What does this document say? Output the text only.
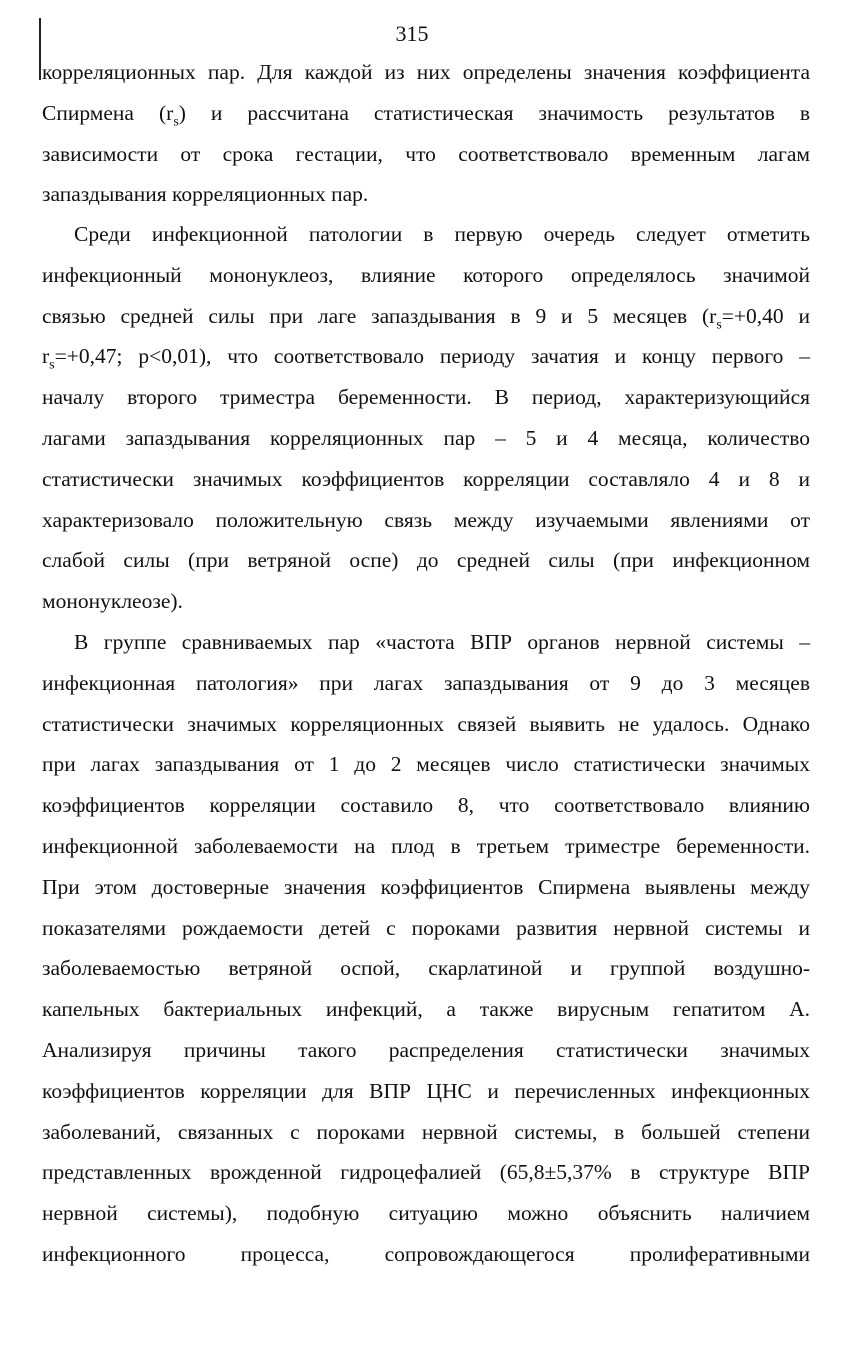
315
корреляционных пар. Для каждой из них определены значения коэффициента
Спирмена $(r_s)$ и рассчитана статистическая значимость результатов в
зависимости от срока гестации, что соответствовало временным лагам
запаздывания корреляционных пар.
Среди инфекционной патологии в первую очередь следует отметить
инфекционный мононуклеоз, влияние которого определялось значимой
связью средней силы при лаге запаздывания в 9 и 5 месяцев ($r_s=+0,40$ и
$r_s=+0,47$; p<0,01), что соответствовало периоду зачатия и концу первого –
началу второго триместра беременности. В период, характеризующийся
лагами запаздывания корреляционных пар – 5 и 4 месяца, количество
статистически значимых коэффициентов корреляции составляло 4 и 8 и
характеризовало положительную связь между изучаемыми явлениями от
слабой силы (при ветряной оспе) до средней силы (при инфекционном
мононуклеозе).
В группе сравниваемых пар «частота ВПР органов нервной системы –
инфекционная патология» при лагах запаздывания от 9 до 3 месяцев
статистически значимых корреляционных связей выявить не удалось. Однако
при лагах запаздывания от 1 до 2 месяцев число статистически значимых
коэффициентов корреляции составило 8, что соответствовало влиянию
инфекционной заболеваемости на плод в третьем триместре беременности.
При этом достоверные значения коэффициентов Спирмена выявлены между
показателями рождаемости детей с пороками развития нервной системы и
заболеваемостью ветряной оспой, скарлатиной и группой воздушно-
капельных бактериальных инфекций, а также вирусным гепатитом А.
Анализируя причины такого распределения статистически значимых
коэффициентов корреляции для ВПР ЦНС и перечисленных инфекционных
заболеваний, связанных с пороками нервной системы, в большей степени
представленных врожденной гидроцефалией (65,8±5,37% в структуре ВПР
нервной системы), подобную ситуацию можно объяснить наличием
инфекционного процесса, сопровождающегося пролиферативными
